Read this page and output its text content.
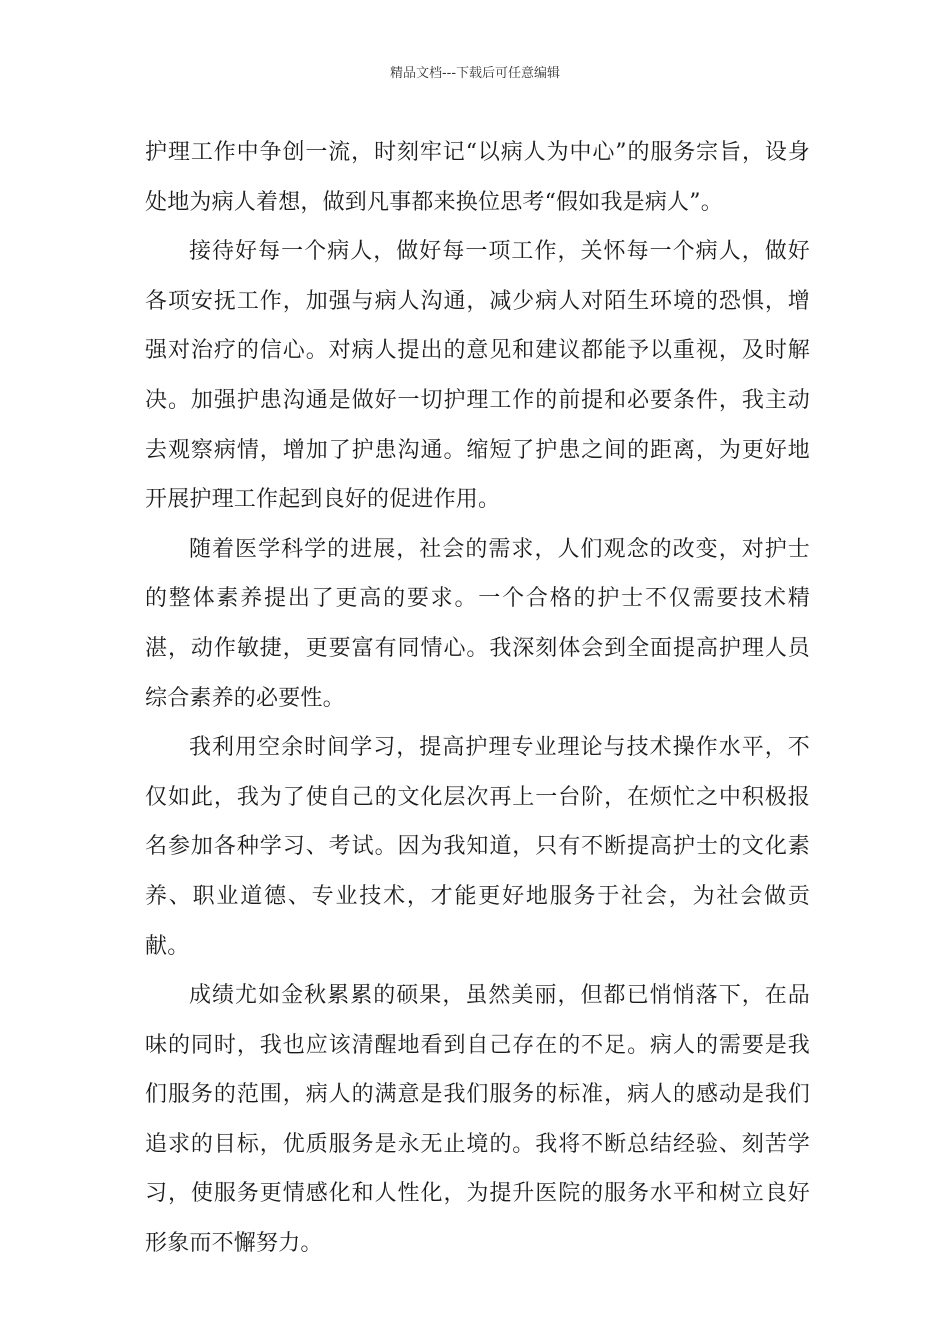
精品文档---下载后可任意编辑

护理工作中争创一流，时刻牢记“以病人为中心”的服务宗旨，设身处地为病人着想，做到凡事都来换位思考“假如我是病人”。

接待好每一个病人，做好每一项工作，关怀每一个病人，做好各项安抚工作，加强与病人沟通，减少病人对陌生环境的恐惧，增强对治疗的信心。对病人提出的意见和建议都能予以重视，及时解决。加强护患沟通是做好一切护理工作的前提和必要条件，我主动去观察病情，增加了护患沟通。缩短了护患之间的距离，为更好地开展护理工作起到良好的促进作用。

随着医学科学的进展，社会的需求，人们观念的改变，对护士的整体素养提出了更高的要求。一个合格的护士不仅需要技术精湛，动作敏捷，更要富有同情心。我深刻体会到全面提高护理人员综合素养的必要性。

我利用空余时间学习，提高护理专业理论与技术操作水平，不仅如此，我为了使自己的文化层次再上一台阶，在烦忙之中积极报名参加各种学习、考试。因为我知道，只有不断提高护士的文化素养、职业道德、专业技术，才能更好地服务于社会，为社会做贡献。

成绩尤如金秋累累的硕果，虽然美丽，但都已悄悄落下，在品味的同时，我也应该清醒地看到自己存在的不足。病人的需要是我们服务的范围，病人的满意是我们服务的标准，病人的感动是我们追求的目标，优质服务是永无止境的。我将不断总结经验、刻苦学习，使服务更情感化和人性化，为提升医院的服务水平和树立良好形象而不懈努力。
